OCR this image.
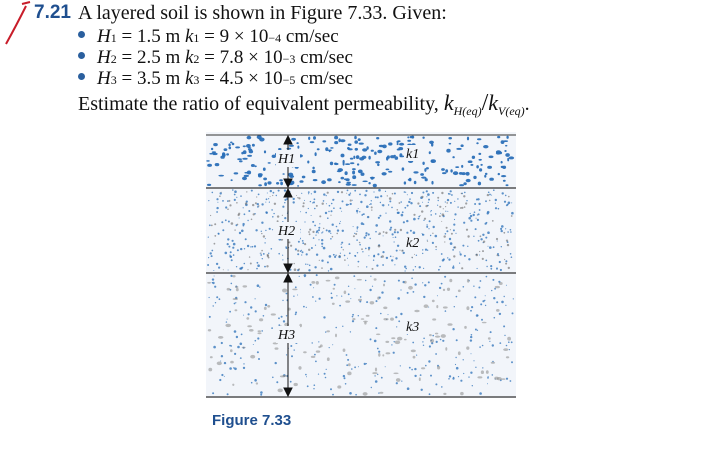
7.21 A layered soil is shown in Figure 7.33. Given:
H 1
= 1.5 m
k 1
= 9 × 10 −4
cm/sec
H 2
= 2.5 m
k 2
= 7.8 × 10 −3
cm/sec
H 3
= 3.5 m
k 3
= 4.5 × 10 −5
cm/sec
Estimate the ratio of equivalent permeability, $k_{H(eq)}/k_{V(eq)}$.
H1
H2
H3
k1
k2
k3
Figure 7.33
